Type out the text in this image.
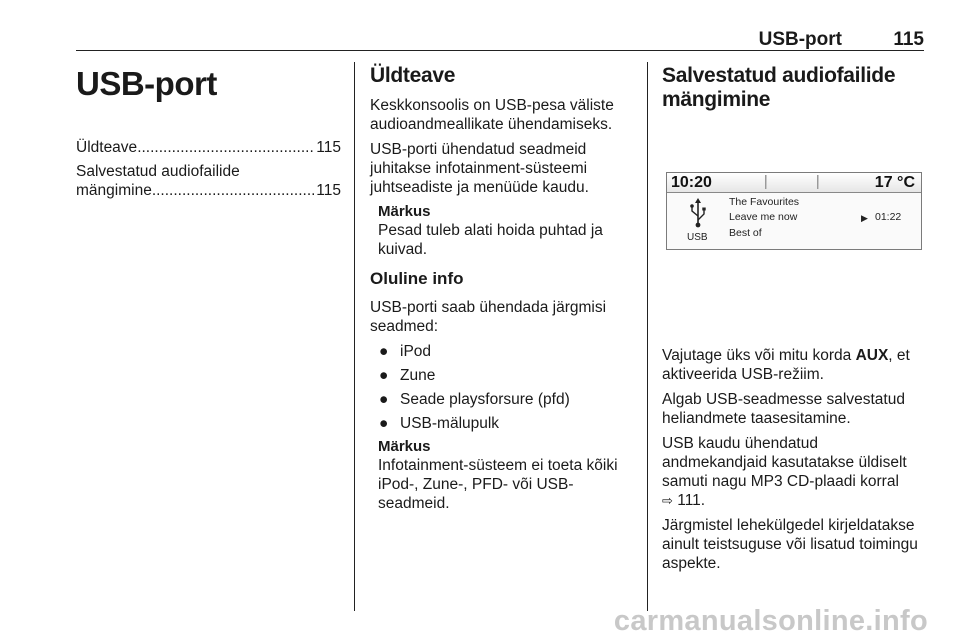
USB-port	115
USB-port
Üldteave .....	115
Salvestatud audiofailide
mängimine .....	115
Üldteave

Keskkonsoolis on USB-pesa väliste audioandmeallikate ühendamiseks.

USB-porti ühendatud seadmeid juhitakse infotainment-süsteemi juhtseadiste ja menüüde kaudu.

Märkus

Pesad tuleb alati hoida puhtad ja kuivad.

Oluline info

USB-porti saab ühendada järgmisi seadmed:

● iPod
● Zune
● Seade playsforsure (pfd)
● USB-mälupulk
Märkus

Infotainment-süsteem ei toeta kõiki iPod-, Zune-, PFD- või USB-seadmeid.

Salvestatud audiofailide mängimine
10:20	17 °C
USB
The Favourites
Leave me now
Best of
▶ 01:22

Vajutage üks või mitu korda AUX, et aktiveerida USB-režiim.

Algab USB-seadmesse salvestatud heliandmete taasesitamine.

USB kaudu ühendatud andmekandjaid kasutatakse üldiselt samuti nagu MP3 CD-plaadi korral
⇨ 111.

Järgmistel lehekülgedel kirjeldatakse ainult teistsuguse või lisatud toimingu aspekte.

carmanualsonline.info
